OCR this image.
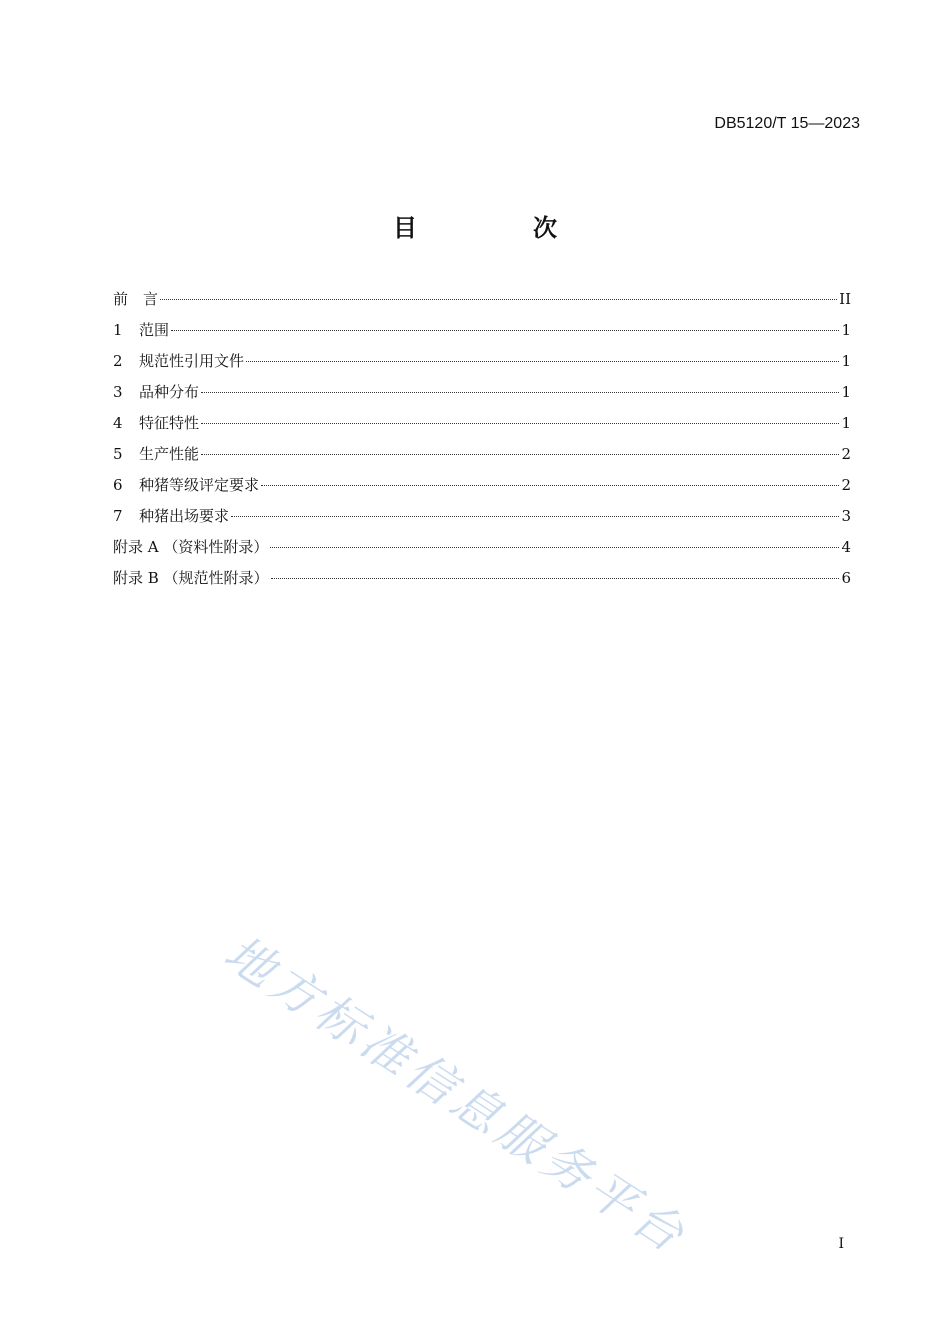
DB5120/T 15—2023
目　次
前　言	II
1	范围	1
2	规范性引用文件	1
3	品种分布	1
4	特征特性	1
5	生产性能	2
6	种猪等级评定要求	2
7	种猪出场要求	3
附录 A （资料性附录）	4
附录 B （规范性附录）	6
地方标准信息服务平台	I
